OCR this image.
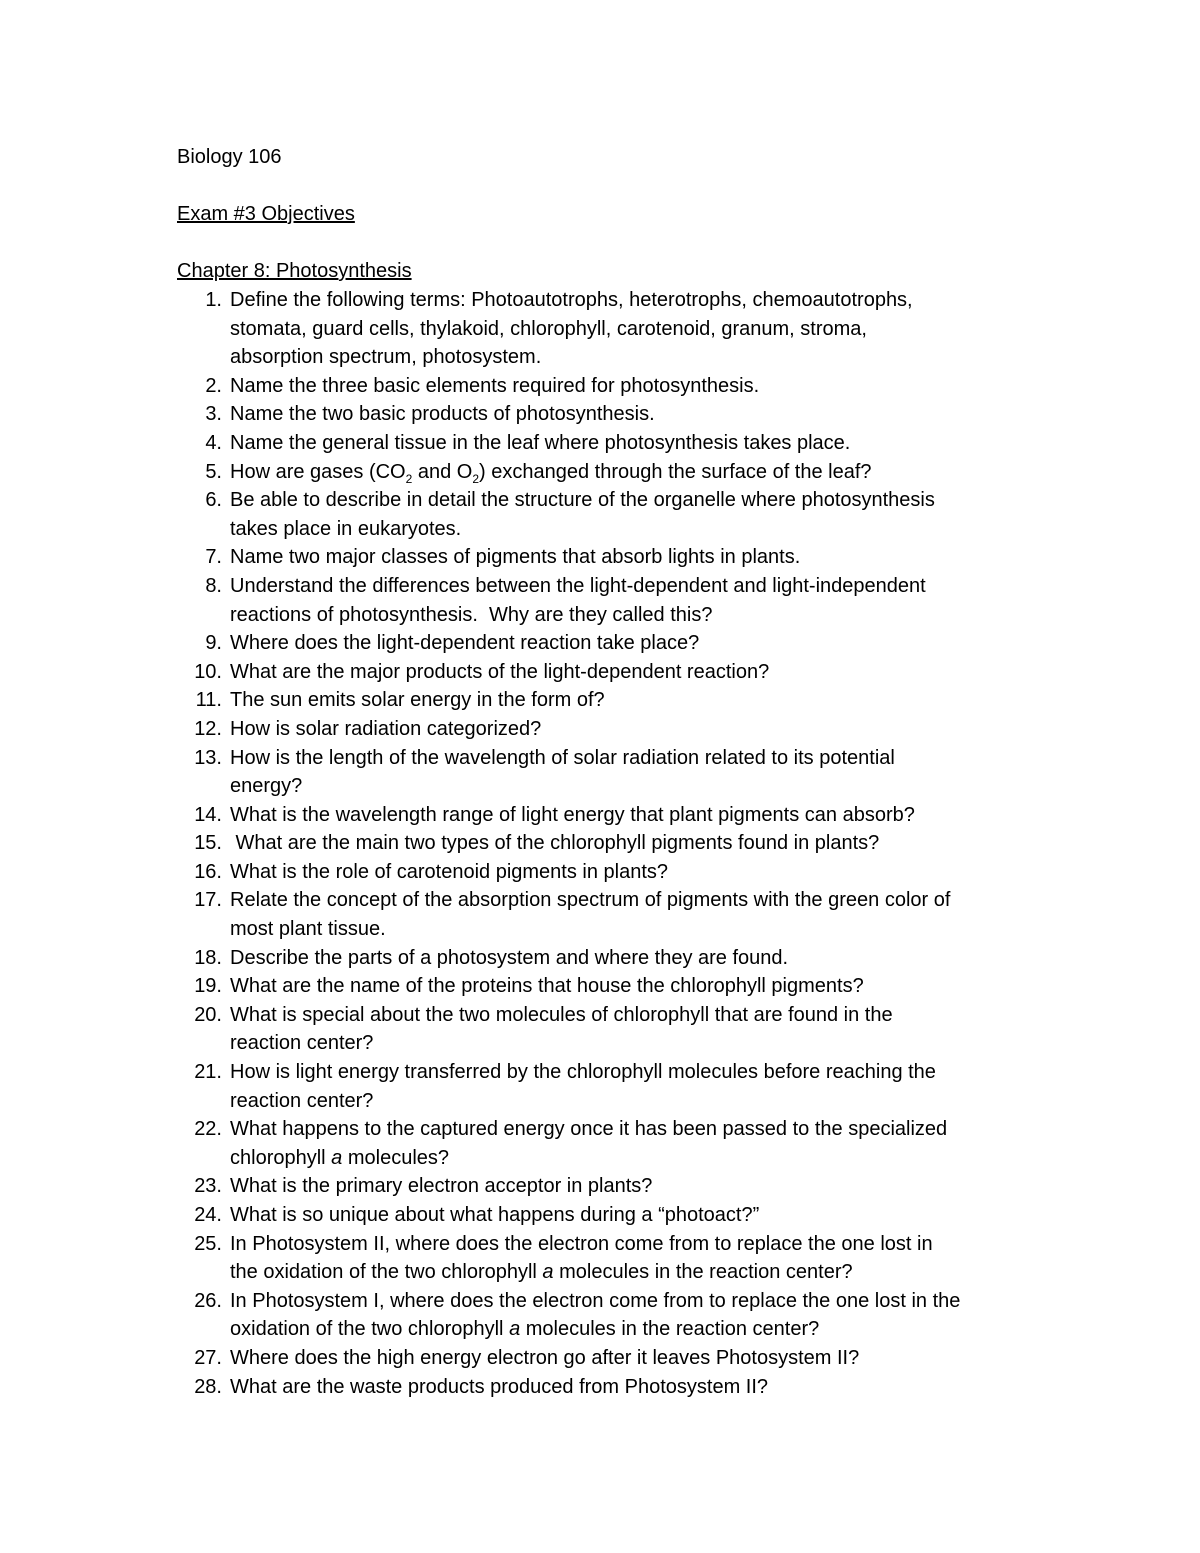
Biology 106
Exam #3 Objectives
Chapter 8: Photosynthesis
1. Define the following terms: Photoautotrophs, heterotrophs, chemoautotrophs,
stomata, guard cells, thylakoid, chlorophyll, carotenoid, granum, stroma,
absorption spectrum, photosystem.
2. Name the three basic elements required for photosynthesis.
3. Name the two basic products of photosynthesis.
4. Name the general tissue in the leaf where photosynthesis takes place.
5. How are gases ($CO_2$ and $O_2$) exchanged through the surface of the leaf?
6. Be able to describe in detail the structure of the organelle where photosynthesis
takes place in eukaryotes.
7. Name two major classes of pigments that absorb lights in plants.
8. Understand the differences between the light-dependent and light-independent
reactions of photosynthesis.  Why are they called this?
9. Where does the light-dependent reaction take place?
10. What are the major products of the light-dependent reaction?
11. The sun emits solar energy in the form of?
12. How is solar radiation categorized?
13. How is the length of the wavelength of solar radiation related to its potential
energy?
14. What is the wavelength range of light energy that plant pigments can absorb?
15. What are the main two types of the chlorophyll pigments found in plants?
16. What is the role of carotenoid pigments in plants?
17. Relate the concept of the absorption spectrum of pigments with the green color of
most plant tissue.
18. Describe the parts of a photosystem and where they are found.
19. What are the name of the proteins that house the chlorophyll pigments?
20. What is special about the two molecules of chlorophyll that are found in the
reaction center?
21. How is light energy transferred by the chlorophyll molecules before reaching the
reaction center?
22. What happens to the captured energy once it has been passed to the specialized
chlorophyll a molecules?
23. What is the primary electron acceptor in plants?
24. What is so unique about what happens during a “photoact?”
25. In Photosystem II, where does the electron come from to replace the one lost in
the oxidation of the two chlorophyll a molecules in the reaction center?
26. In Photosystem I, where does the electron come from to replace the one lost in the
oxidation of the two chlorophyll a molecules in the reaction center?
27. Where does the high energy electron go after it leaves Photosystem II?
28. What are the waste products produced from Photosystem II?
